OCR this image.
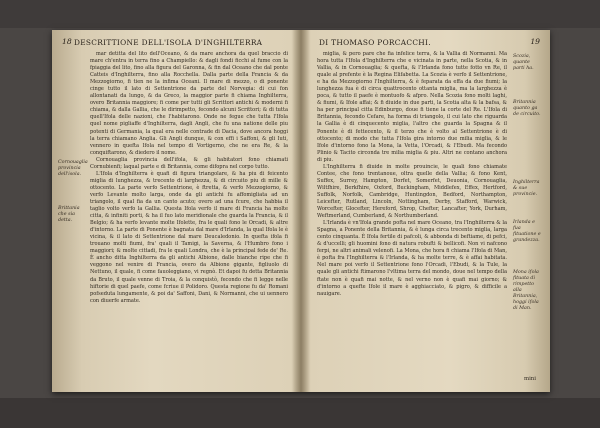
18 DESCRITTIONE DELL'ISOLA D'INGHILTERRA

mar detitta del lito dell'Oceano, & da mare anchora da quel braccio di mare ch'entra in terra fino a Champiello: & dagli fondi ficchi al fume con la fpiaggia del lito, fino alla figura del Garonna, & fin dal Oceano che dal ponte Catteis d'Inghilterra, fino alla Rocchella. Dalla parte della Francia & da Mezzogiorno, fi tien ne la infima Oceani. Il mare di mezzo, o di ponente cinge tutto il lato di Settentrione da parte del Norvegia: di cui fon allontanati da lungo, & da Greco, la maggior parte fi chiama Inghilterra, overo Britannia maggiore; fi come per tutti gli Scrittori antichi & moderni fi chiama, & dalla Gallia, che le dirimpetto, fecondo alcuni Scrittori; & di tutta quell'Ifola delle nazioni, che l'habitarono. Onde ne fegue che tutta l'Ifola quel nome pigliaffe d'Inghilterra, dagli Angli, che fu una natione delle piu potenti di Germania, la qual era nelle contrade di Dacia, dove ancora hoggi la terra chiamano Anglia. Gli Angli dunque, & con effi i Saffoni, & gli Iuti, vennero in quefta Ifola nel tempo di Vortigerno, che ne era Re, & la conquiftarono, & diedero il nome.

Cornouaglia provincia dell'ifola, & gli habitatori fono chiamati Cornubienfi; laqual parte e di Britannia, come difopra nel corpo tutto.

L'Ifola d'Inghilterra è quafi di figura triangolare, & ha piu di feicento miglia di lunghezza, & trecento di larghezza, & di circuito piu di mille & ottocento. La parte verfo Settentrione, è ftretta, & verfo Mezzogiorno, & verfo Levante molto larga, onde da gli antichi fu affomigliata ad un triangolo, il qual fia da un canto acuto; overo ad una fcure, che habbia il taglio volto verfo la Gallia. Questa Ifola verfo il mare di Francia ha molte citta, & infiniti porti, & ha il fuo lato meridionale che guarda la Francia, & il Belgio; & ha verfo levante molte Ifolette, fra le quali fono le Orcadi, & altre d'intorno. La parte di Ponente è bagnata dal mare d'Irlanda, la qual Ifola le è vicina, & il lato di Settentrione dal mare Deucaledonio. In quefta ifola fi trouano molti fiumi, fra' quali il Tamigi, la Saverna, & l'Humbro fono i maggiori; & molte cittadi, fra le quali Londra, che è la principal fede de' Re. È ancho ditta Inghilterra da gli antichi Albione, dalle bianche ripe che fi veggono nel venire di Francia, overo da Albione gigante, figliuolo di Nettuno, il quale, fi come fauoleggiano, vi regnò. Et dapoi fu detta Britannia da Bruto, il quale venne di Troia, & la conquistò, fecondo che fi legge nelle hiftorie di quel paefe, come fcriue il Polidoro. Questa regione fu da' Romani pofseduta lungamente, & poi da' Saffoni, Dani, & Normanni, che ui uennero con diuerfe armate.

Cornouaglia provincia dell'isola.
Brittania che sia detta.
DI THOMASO PORCACCHI.	19

miglia, & pero pare che fia infelice terra, & la Vallia di Normanni. Ma hora tutta l'Ifola d'Inghilterra che e vicinata in parte, nella Scotia, & in Vallia, & in Cornouaglia; & quefta, & l'Irlanda fono tutte fotto vn Re, il quale al prefente è la Regina Elifabetta. La Scozia è verfo il Settentrione, e ha da Mezzogiorno l'Inghilterra, & è feparata da effa da due fiumi; la lunghezza fua è di circa quattrocento ottanta miglia, ma la larghezza è poca, & tutto il paefe è montuofo & afpro. Nella Scozia fono molti laghi, & fiumi, & Ifole affai; & fi diuide in due parti, la Scotia alta & la bafsa, & ha per principal citta Edinburgo, doue fi tiene la corte del Re. L'Ifola di Britannia, fecondo Cefare, ha forma di triangolo, il cui lato che riguarda la Gallia è di cinquecento miglia, l'altro che guarda la Spagna & il Ponente è di fettecento, & il terzo che è volto al Settentrione è di ottocento; di modo che tutta l'Ifola gira intorno due milia miglia, & le Ifole d'intorno fono la Mona, la Vetta, l'Orcadi, & l'Ebudi. Ma fecondo Plinio & Tacito circonda tre milia miglia & piu. Altri ne contano anchora di piu.

L'Inghilterra fi diuide in molte prouincie, le quali fono chiamate Contee, che fono trentanoue, oltra quelle della Vallia; & fono Kent, Suffex, Surrey, Hampton, Dorfet, Somerfet, Deuonia, Cornouaglia, Wiltfhire, Berkfhire, Oxford, Buckingham, Middlefex, Effex, Hertford, Suffolk, Norfolk, Cambridge, Huntingdon, Bedford, Northampton, Leicefter, Rutland, Lincoln, Nottingham, Derby, Stafford, Warwick, Worcefter, Glocefter, Hereford, Shrop, Chefter, Lancafter, York, Durham, Weftmerland, Cumberland, & Northumberland.

L'Irlanda è vn'Ifola grande pofta nel mare Oceano, tra l'Inghilterra & la Spagna, a Ponente della Britannia, & è lunga circa trecento miglia, larga cento cinquanta. È Ifola fertile di pafcoli, & abbonda di beftiame, di pefci, & d'uccelli; gli huomini fono di natura robufti & bellicofi. Non vi nafcono ferpi, ne altri animali velenofi. La Mona, che hora fi chiama l'Ifola di Man, è pofta fra l'Inghilterra & l'Irlanda, & ha molte terre, & è affai habitata. Nel mare poi verfo il Settentrione fono l'Orcadi, l'Ebudi, & la Tule, la quale gli antichi ftimarono l'vltima terra del mondo, doue nel tempo della ftate non è quafi mai notte, & nel verno non è quafi mai giorno; & d'intorno a quefte Ifole il mare è agghiacciato, & pigro, & difficile a nauigare.

Scozia, quante parti ha.
Britannia quanto ga de circuito.
Inghilterra & sue provincie.
Irlanda e fua fituatione e grandezza.
Mona ifola fituata di rimpetto alla Britannia, hoggi ifola di Man.
mini
